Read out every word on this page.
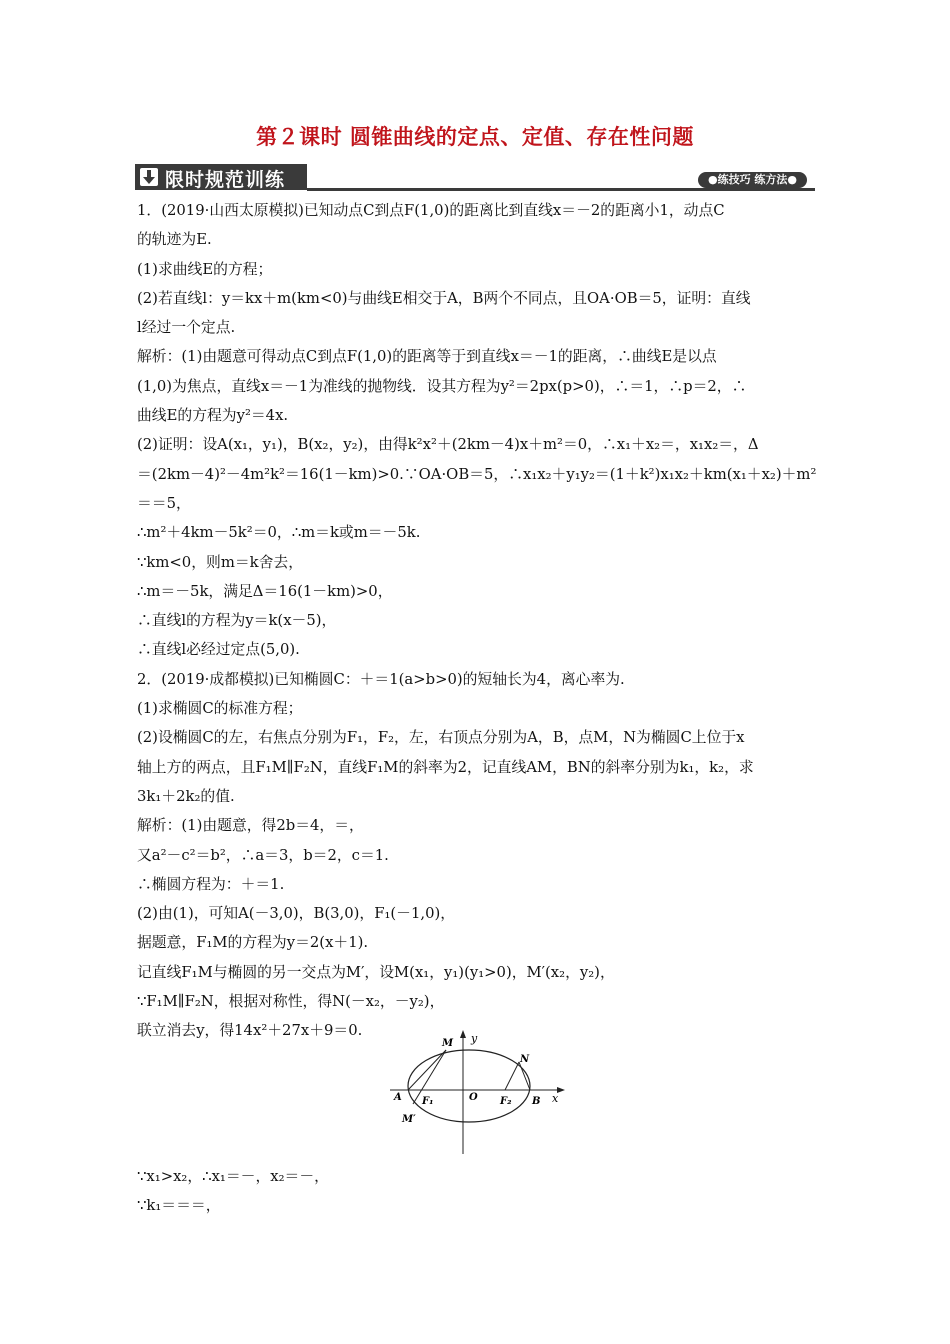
第２课时 圆锥曲线的定点、定值、存在性问题
限时规范训练	●练技巧 练方法●
1．(2019·山西太原模拟)已知动点C到点F(1,0)的距离比到直线x＝－2的距离小1，动点C
的轨迹为E.
(1)求曲线E的方程；
(2)若直线l：y＝kx＋m(km<0)与曲线E相交于A，B两个不同点，且OA·OB＝5，证明：直线
l经过一个定点.
解析：(1)由题意可得动点C到点F(1,0)的距离等于到直线x＝－1的距离，∴曲线E是以点
(1,0)为焦点，直线x＝－1为准线的抛物线．设其方程为y²＝2px(p>0)，∴＝1，∴p＝2，∴
曲线E的方程为y²＝4x.
(2)证明：设A(x₁，y₁)，B(x₂，y₂)，由得k²x²＋(2km－4)x＋m²＝0，∴x₁＋x₂＝，x₁x₂＝，Δ
＝(2km－4)²－4m²k²＝16(1－km)>0.∵OA·OB＝5，∴x₁x₂＋y₁y₂＝(1＋k²)x₁x₂＋km(x₁＋x₂)＋m²
＝＝5，
∴m²＋4km－5k²＝0，∴m＝k或m＝－5k.
∵km<0，则m＝k舍去，
∴m＝－5k，满足Δ＝16(1－km)>0，
∴直线l的方程为y＝k(x－5)，
∴直线l必经过定点(5,0).
2．(2019·成都模拟)已知椭圆C：＋＝1(a>b>0)的短轴长为4，离心率为.
(1)求椭圆C的标准方程；
(2)设椭圆C的左，右焦点分别为F₁，F₂，左，右顶点分别为A，B，点M，N为椭圆C上位于x
轴上方的两点，且F₁M∥F₂N，直线F₁M的斜率为2，记直线AM，BN的斜率分别为k₁，k₂，求
3k₁＋2k₂的值.
解析：(1)由题意，得2b＝4，＝，
又a²－c²＝b²，∴a＝3，b＝2，c＝1.
∴椭圆方程为：＋＝1.
(2)由(1)，可知A(－3,0)，B(3,0)，F₁(－1,0)，
据题意，F₁M的方程为y＝2(x＋1).
记直线F₁M与椭圆的另一交点为M′，设M(x₁，y₁)(y₁>0)，M′(x₂，y₂)，
∵F₁M∥F₂N，根据对称性，得N(－x₂，－y₂)，
联立消去y，得14x²＋27x＋9＝0.	y
x
M
N
A F₁	O F₂ B
M′
∵x₁>x₂，∴x₁＝－，x₂＝－，
∵k₁＝＝＝，
